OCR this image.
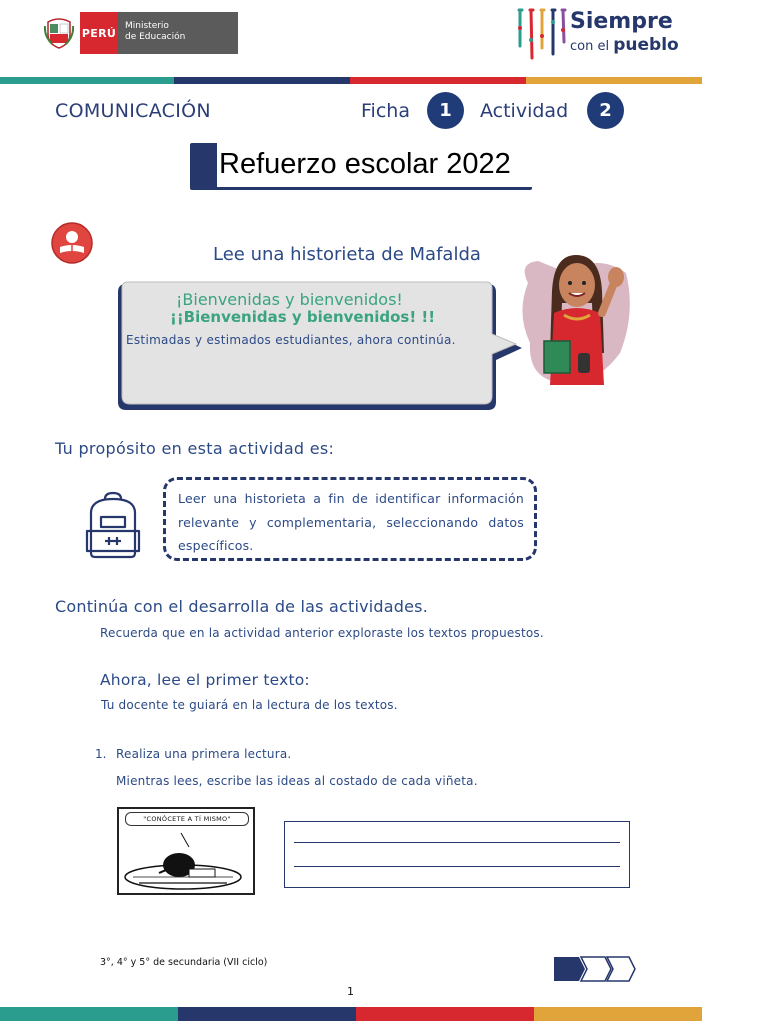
PERÚ
Ministerio
de Educación
Siempre
con el pueblo
COMUNICACIÓN	Ficha	1	Actividad	2
Refuerzo escolar 2022
Lee una historieta de Mafalda
¡Bienvenidas y bienvenidos!
¡¡Bienvenidas y bienvenidos! !!
Estimadas y estimados estudiantes, ahora continúa.
Tu propósito en esta actividad es:
Leer una historieta a fin de identificar información relevante y complementaria, seleccionando datos específicos.
Continúa con el desarrolla de las actividades.
Recuerda que en la actividad anterior exploraste los textos propuestos.
Ahora, lee el primer texto:
Tu docente te guiará en la lectura de los textos.
1. Realiza una primera lectura.
Mientras lees, escribe las ideas al costado de cada viñeta.
"CONÓCETE A TÍ MISMO"
3°, 4° y 5° de secundaria (VII ciclo)
1
